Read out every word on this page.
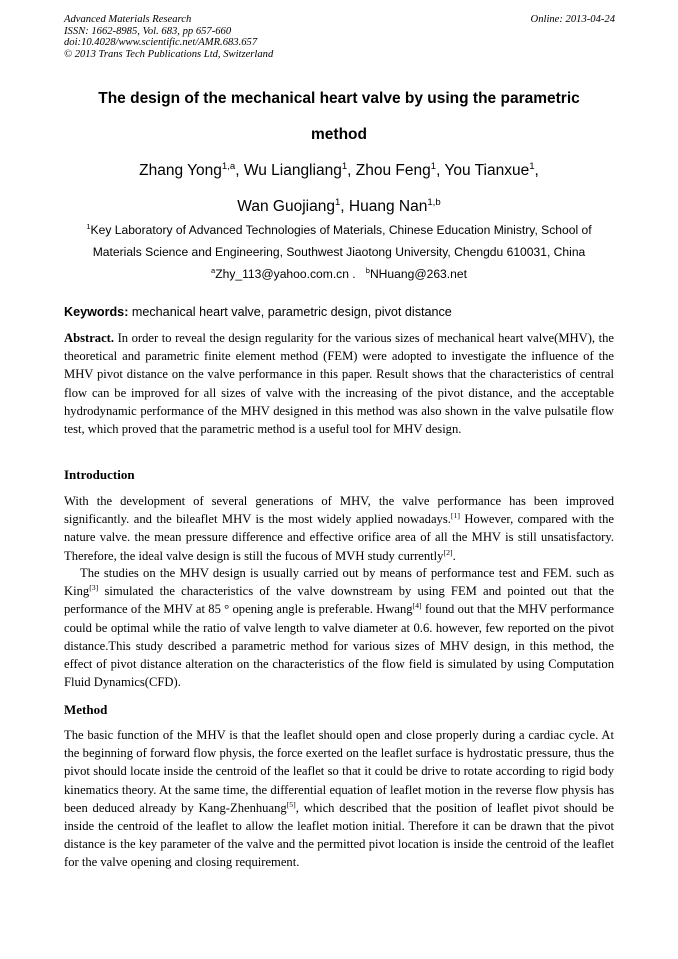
Advanced Materials Research
ISSN: 1662-8985, Vol. 683, pp 657-660
doi:10.4028/www.scientific.net/AMR.683.657
© 2013 Trans Tech Publications Ltd, Switzerland
Online: 2013-04-24
The design of the mechanical heart valve by using the parametric
method
Zhang Yong$^{1,a}$, Wu Liangliang$^1$, Zhou Feng$^1$, You Tianxue$^1$,
Wan Guojiang$^1$, Huang Nan$^{1,b}$
$^1$Key Laboratory of Advanced Technologies of Materials, Chinese Education Ministry, School of
Materials Science and Engineering, Southwest Jiaotong University, Chengdu 610031, China
$^a$Zhy_113@yahoo.com.cn . $^b$NHuang@263.net
Keywords: mechanical heart valve, parametric design, pivot distance
Abstract. In order to reveal the design regularity for the various sizes of mechanical heart valve(MHV), the theoretical and parametric finite element method (FEM) were adopted to investigate the influence of the MHV pivot distance on the valve performance in this paper. Result shows that the characteristics of central flow can be improved for all sizes of valve with the increasing of the pivot distance, and the acceptable hydrodynamic performance of the MHV designed in this method was also shown in the valve pulsatile flow test, which proved that the parametric method is a useful tool for MHV design.
Introduction
With the development of several generations of MHV, the valve performance has been improved significantly. and the bileaflet MHV is the most widely applied nowadays.[1] However, compared with the nature valve. the mean pressure difference and effective orifice area of all the MHV is still unsatisfactory. Therefore, the ideal valve design is still the fucous of MVH study currently[2].
The studies on the MHV design is usually carried out by means of performance test and FEM. such as King[3] simulated the characteristics of the valve downstream by using FEM and pointed out that the performance of the MHV at 85 ° opening angle is preferable. Hwang[4] found out that the MHV performance could be optimal while the ratio of valve length to valve diameter at 0.6. however, few reported on the pivot distance.This study described a parametric method for various sizes of MHV design, in this method, the effect of pivot distance alteration on the characteristics of the flow field is simulated by using Computation Fluid Dynamics(CFD).
Method
The basic function of the MHV is that the leaflet should open and close properly during a cardiac cycle. At the beginning of forward flow physis, the force exerted on the leaflet surface is hydrostatic pressure, thus the pivot should locate inside the centroid of the leaflet so that it could be drive to rotate according to rigid body kinematics theory. At the same time, the differential equation of leaflet motion in the reverse flow physis has been deduced already by Kang-Zhenhuang[5], which described that the position of leaflet pivot should be inside the centroid of the leaflet to allow the leaflet motion initial. Therefore it can be drawn that the pivot distance is the key parameter of the valve and the permitted pivot location is inside the centroid of the leaflet for the valve opening and closing requirement.
